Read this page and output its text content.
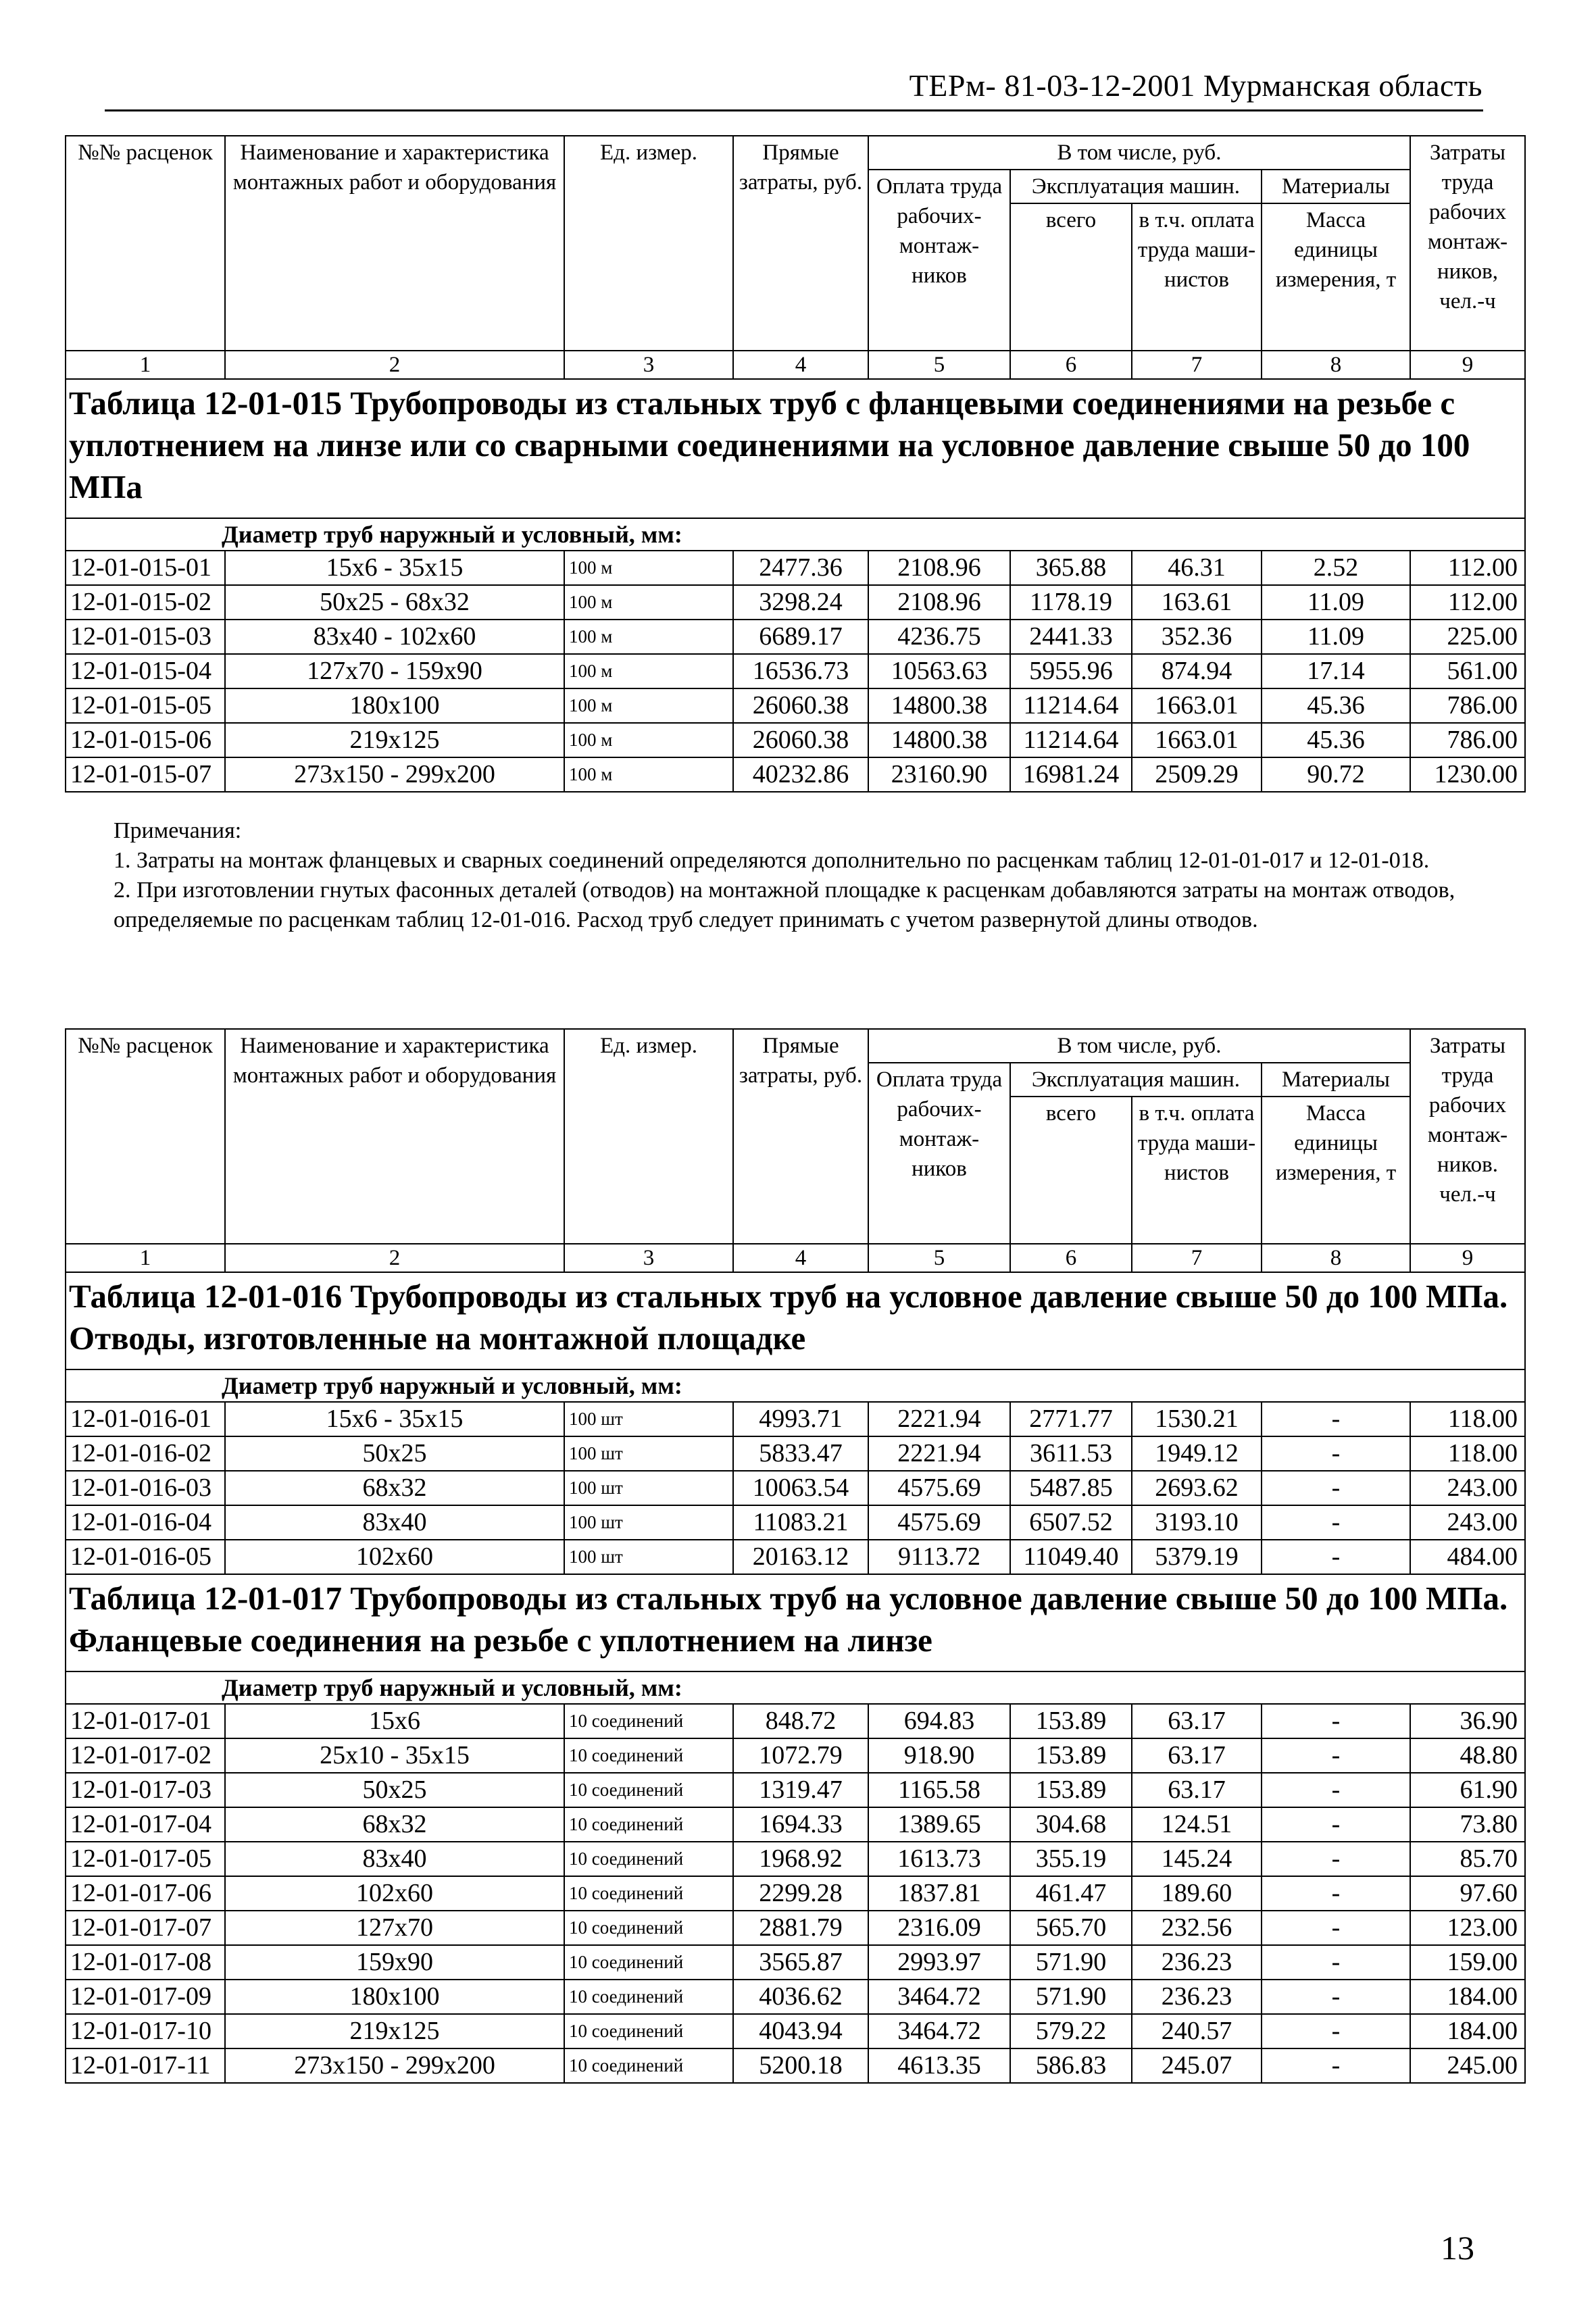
ТЕРм- 81-03-12-2001 Мурманская область
№№ расценок	Наименование и характеристика монтажных работ и оборудования	Ед. измер.	Прямые затраты, руб.	В том числе, руб.				Затраты труда рабочих монтаж-ников, чел.-ч
				Оплата труда рабочих-монтаж-ников	Эксплуатация машин.		Материалы	
					всего	в т.ч. оплата труда маши-нистов	Масса единицы измерения, т	
1	2	3	4	5	6	7	8	9
Таблица 12-01-015 Трубопроводы из стальных труб с фланцевыми соединениями на резьбе с уплотнением на линзе или со сварными соединениями на условное давление свыше 50 до 100 МПа								
Диаметр труб наружный и условный, мм:								
12-01-015-01	15x6 - 35x15	100 м	2477.36	2108.96	365.88	46.31	2.52	112.00
12-01-015-02	50x25 - 68x32	100 м	3298.24	2108.96	1178.19	163.61	11.09	112.00
12-01-015-03	83x40 - 102x60	100 м	6689.17	4236.75	2441.33	352.36	11.09	225.00
12-01-015-04	127x70 - 159x90	100 м	16536.73	10563.63	5955.96	874.94	17.14	561.00
12-01-015-05	180x100	100 м	26060.38	14800.38	11214.64	1663.01	45.36	786.00
12-01-015-06	219x125	100 м	26060.38	14800.38	11214.64	1663.01	45.36	786.00
12-01-015-07	273x150 - 299x200	100 м	40232.86	23160.90	16981.24	2509.29	90.72	1230.00

Примечания:

1. Затраты на монтаж фланцевых и сварных соединений определяются дополнительно по расценкам таблиц 12-01-01-017 и 12-01-018.

2. При изготовлении гнутых фасонных деталей (отводов) на монтажной площадке к расценкам добавляются затраты на монтаж отводов, определяемые по расценкам таблиц 12-01-016. Расход труб следует принимать с учетом развернутой длины отводов.

№№ расценок	Наименование и характеристика монтажных работ и оборудования	Ед. измер.	Прямые затраты, руб.	В том числе, руб.				Затраты труда рабочих монтаж-ников. чел.-ч
				Оплата труда рабочих-монтаж-ников	Эксплуатация машин.		Материалы	
					всего	в т.ч. оплата труда маши-нистов	Масса единицы измерения, т	
1	2	3	4	5	6	7	8	9
Таблица 12-01-016 Трубопроводы из стальных труб на условное давление свыше 50 до 100 МПа. Отводы, изготовленные на монтажной площадке								
Диаметр труб наружный и условный, мм:								
12-01-016-01	15x6 - 35x15	100 шт	4993.71	2221.94	2771.77	1530.21	-	118.00
12-01-016-02	50x25	100 шт	5833.47	2221.94	3611.53	1949.12	-	118.00
12-01-016-03	68x32	100 шт	10063.54	4575.69	5487.85	2693.62	-	243.00
12-01-016-04	83x40	100 шт	11083.21	4575.69	6507.52	3193.10	-	243.00
12-01-016-05	102x60	100 шт	20163.12	9113.72	11049.40	5379.19	-	484.00
Таблица 12-01-017 Трубопроводы из стальных труб на условное давление свыше 50 до 100 МПа. Фланцевые соединения на резьбе с уплотнением на линзе								
Диаметр труб наружный и условный, мм:								
12-01-017-01	15x6	10 соединений	848.72	694.83	153.89	63.17	-	36.90
12-01-017-02	25x10 - 35x15	10 соединений	1072.79	918.90	153.89	63.17	-	48.80
12-01-017-03	50x25	10 соединений	1319.47	1165.58	153.89	63.17	-	61.90
12-01-017-04	68x32	10 соединений	1694.33	1389.65	304.68	124.51	-	73.80
12-01-017-05	83x40	10 соединений	1968.92	1613.73	355.19	145.24	-	85.70
12-01-017-06	102x60	10 соединений	2299.28	1837.81	461.47	189.60	-	97.60
12-01-017-07	127x70	10 соединений	2881.79	2316.09	565.70	232.56	-	123.00
12-01-017-08	159x90	10 соединений	3565.87	2993.97	571.90	236.23	-	159.00
12-01-017-09	180x100	10 соединений	4036.62	3464.72	571.90	236.23	-	184.00
12-01-017-10	219x125	10 соединений	4043.94	3464.72	579.22	240.57	-	184.00
12-01-017-11	273x150 - 299x200	10 соединений	5200.18	4613.35	586.83	245.07	-	245.00
13
